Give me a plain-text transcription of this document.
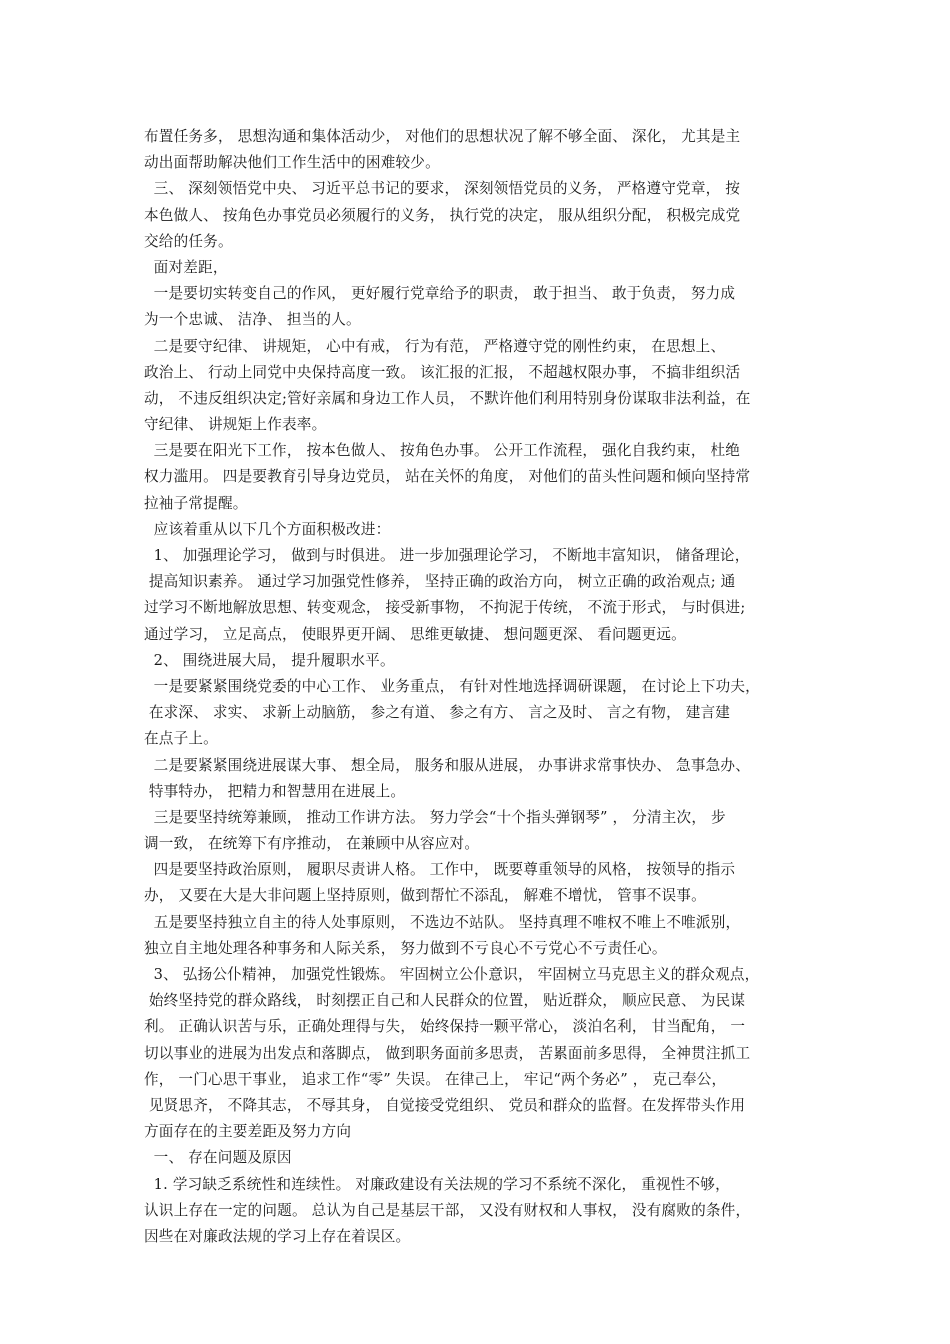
布置任务多， 思想沟通和集体活动少， 对他们的思想状况了解不够全面、 深化， 尤其是主
动出面帮助解决他们工作生活中的困难较少。
三、 深刻领悟党中央、 习近平总书记的要求， 深刻领悟党员的义务， 严格遵守党章， 按
本色做人、 按角色办事党员必须履行的义务， 执行党的决定， 服从组织分配， 积极完成党
交给的任务。
面对差距，
一是要切实转变自己的作风， 更好履行党章给予的职责， 敢于担当、 敢于负责， 努力成
为一个忠诚、 洁净、 担当的人。
二是要守纪律、 讲规矩， 心中有戒， 行为有范， 严格遵守党的刚性约束， 在思想上、
政治上、 行动上同党中央保持高度一致。 该汇报的汇报， 不超越权限办事， 不搞非组织活
动， 不违反组织决定;管好亲属和身边工作人员， 不默许他们利用特别身份谋取非法利益，在
守纪律、 讲规矩上作表率。
三是要在阳光下工作， 按本色做人、 按角色办事。 公开工作流程， 强化自我约束， 杜绝
权力滥用。 四是要教育引导身边党员， 站在关怀的角度， 对他们的苗头性问题和倾向坚持常
拉袖子常提醒。
应该着重从以下几个方面积极改进：
1、 加强理论学习， 做到与时俱进。 进一步加强理论学习， 不断地丰富知识， 储备理论，
提高知识素养。 通过学习加强党性修养， 坚持正确的政治方向， 树立正确的政治观点; 通
过学习不断地解放思想、转变观念， 接受新事物， 不拘泥于传统， 不流于形式， 与时俱进;
通过学习， 立足高点， 使眼界更开阔、 思维更敏捷、 想问题更深、 看问题更远。
2、 围绕进展大局， 提升履职水平。
一是要紧紧围绕党委的中心工作、 业务重点， 有针对性地选择调研课题， 在讨论上下功夫，
在求深、 求实、 求新上动脑筋， 参之有道、 参之有方、 言之及时、 言之有物， 建言建
在点子上。
二是要紧紧围绕进展谋大事、 想全局， 服务和服从进展， 办事讲求常事快办、 急事急办、
特事特办， 把精力和智慧用在进展上。
三是要坚持统筹兼顾， 推动工作讲方法。 努力学会“十个指头弹钢琴” ， 分清主次， 步
调一致， 在统筹下有序推动， 在兼顾中从容应对。
四是要坚持政治原则， 履职尽责讲人格。 工作中， 既要尊重领导的风格， 按领导的指示
办， 又要在大是大非问题上坚持原则，做到帮忙不添乱， 解难不增忧， 管事不误事。
五是要坚持独立自主的待人处事原则， 不选边不站队。 坚持真理不唯权不唯上不唯派别，
独立自主地处理各种事务和人际关系， 努力做到不亏良心不亏党心不亏责任心。
3、 弘扬公仆精神， 加强党性锻炼。 牢固树立公仆意识， 牢固树立马克思主义的群众观点，
始终坚持党的群众路线， 时刻摆正自己和人民群众的位置， 贴近群众， 顺应民意、 为民谋
利。 正确认识苦与乐，正确处理得与失， 始终保持一颗平常心， 淡泊名利， 甘当配角， 一
切以事业的进展为出发点和落脚点， 做到职务面前多思责， 苦累面前多思得， 全神贯注抓工
作， 一门心思干事业， 追求工作“零” 失误。 在律己上， 牢记“两个务必” ， 克己奉公，
见贤思齐， 不降其志， 不辱其身， 自觉接受党组织、 党员和群众的监督。在发挥带头作用
方面存在的主要差距及努力方向
一、 存在问题及原因
1. 学习缺乏系统性和连续性。 对廉政建设有关法规的学习不系统不深化， 重视性不够，
认识上存在一定的问题。 总认为自己是基层干部， 又没有财权和人事权， 没有腐败的条件，
因些在对廉政法规的学习上存在着误区。
